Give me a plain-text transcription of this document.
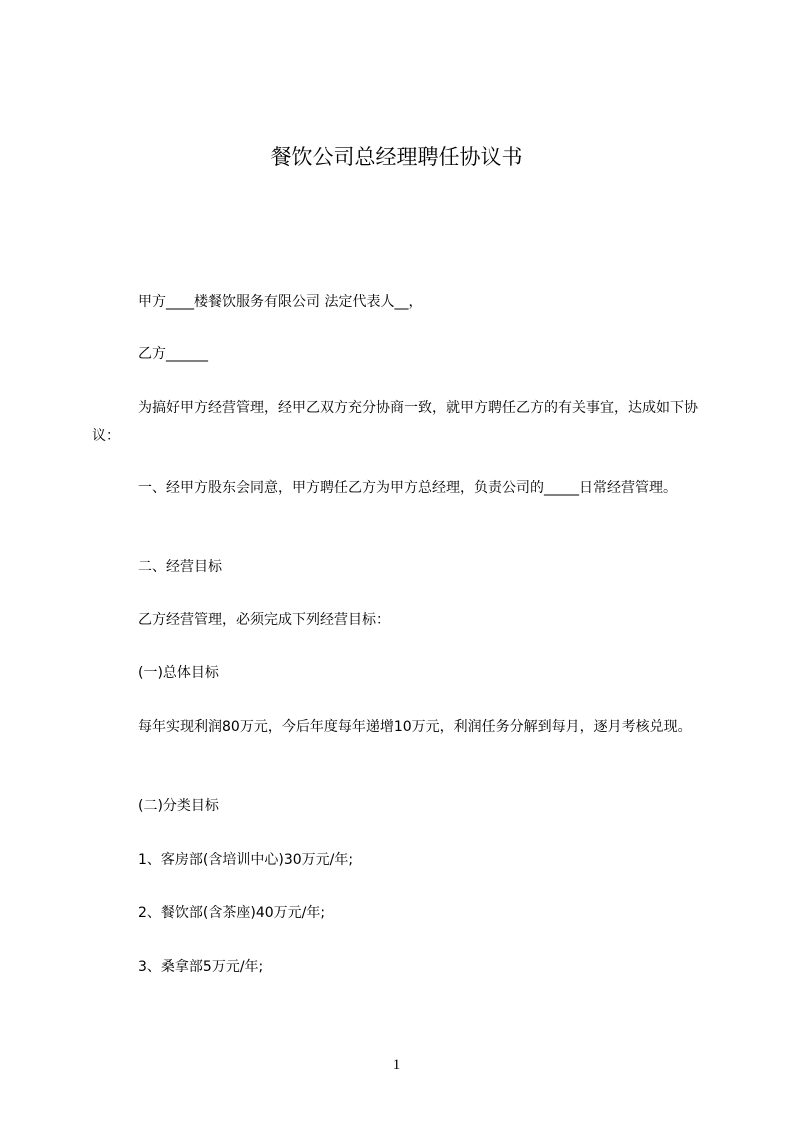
餐饮公司总经理聘任协议书
甲方____楼餐饮服务有限公司 法定代表人__，
乙方______
为搞好甲方经营管理，经甲乙双方充分协商一致，就甲方聘任乙方的有关事宜，达成如下协议：
一、经甲方股东会同意，甲方聘任乙方为甲方总经理，负责公司的_____日常经营管理。
二、经营目标
乙方经营管理，必须完成下列经营目标：
(一)总体目标
每年实现利润80万元，今后年度每年递增10万元，利润任务分解到每月，逐月考核兑现。
(二)分类目标
1、客房部(含培训中心)30万元/年;
2、餐饮部(含茶座)40万元/年;
3、桑拿部5万元/年;
1
